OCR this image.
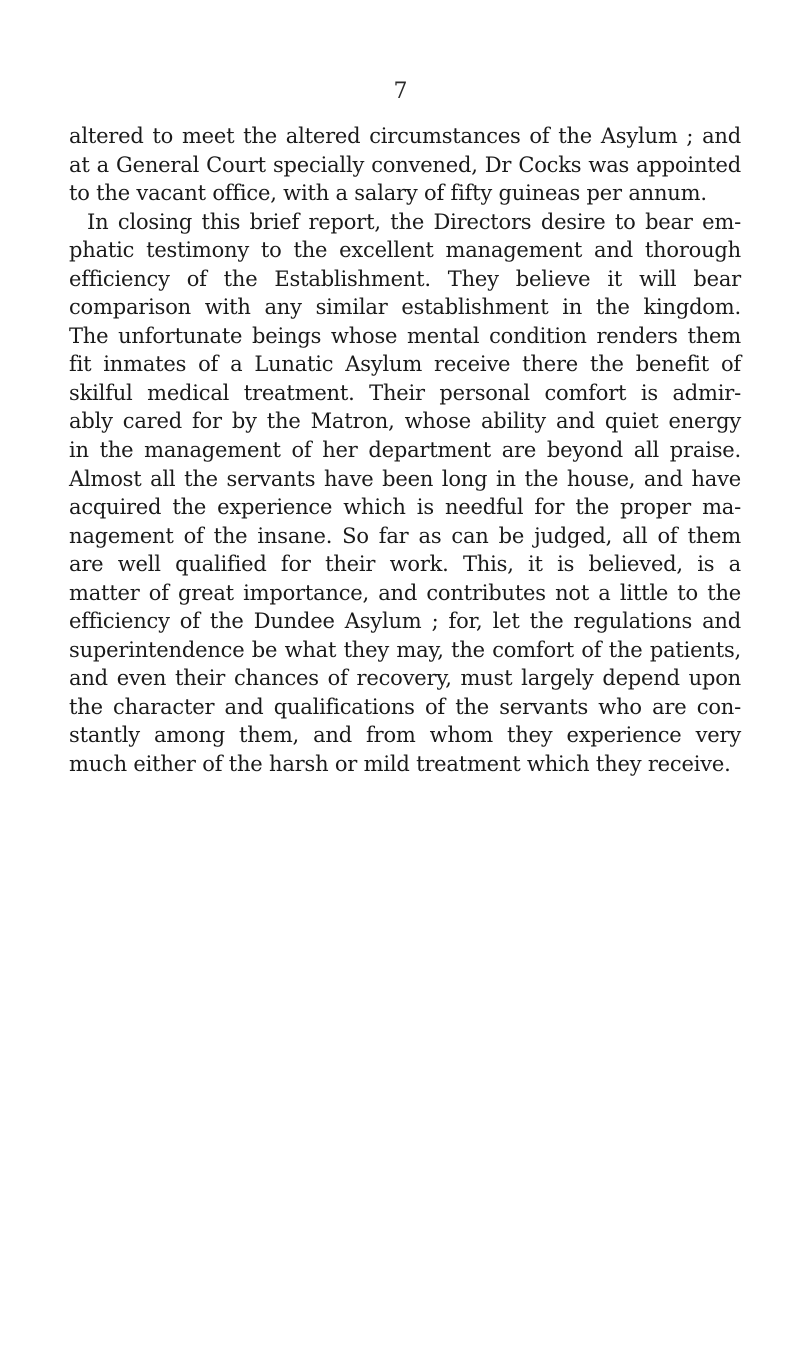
7
altered to meet the altered circumstances of the Asylum ; and
at a General Court specially convened, Dr Cocks was appointed
to the vacant office, with a salary of fifty guineas per annum.
In closing this brief report, the Directors desire to bear em-
phatic testimony to the excellent management and thorough
efficiency of the Establishment. They believe it will bear
comparison with any similar establishment in the kingdom.
The unfortunate beings whose mental condition renders them
fit inmates of a Lunatic Asylum receive there the benefit of
skilful medical treatment. Their personal comfort is admir-
ably cared for by the Matron, whose ability and quiet energy
in the management of her department are beyond all praise.
Almost all the servants have been long in the house, and have
acquired the experience which is needful for the proper ma-
nagement of the insane. So far as can be judged, all of them
are well qualified for their work. This, it is believed, is a
matter of great importance, and contributes not a little to the
efficiency of the Dundee Asylum ; for, let the regulations and
superintendence be what they may, the comfort of the patients,
and even their chances of recovery, must largely depend upon
the character and qualifications of the servants who are con-
stantly among them, and from whom they experience very
much either of the harsh or mild treatment which they receive.
